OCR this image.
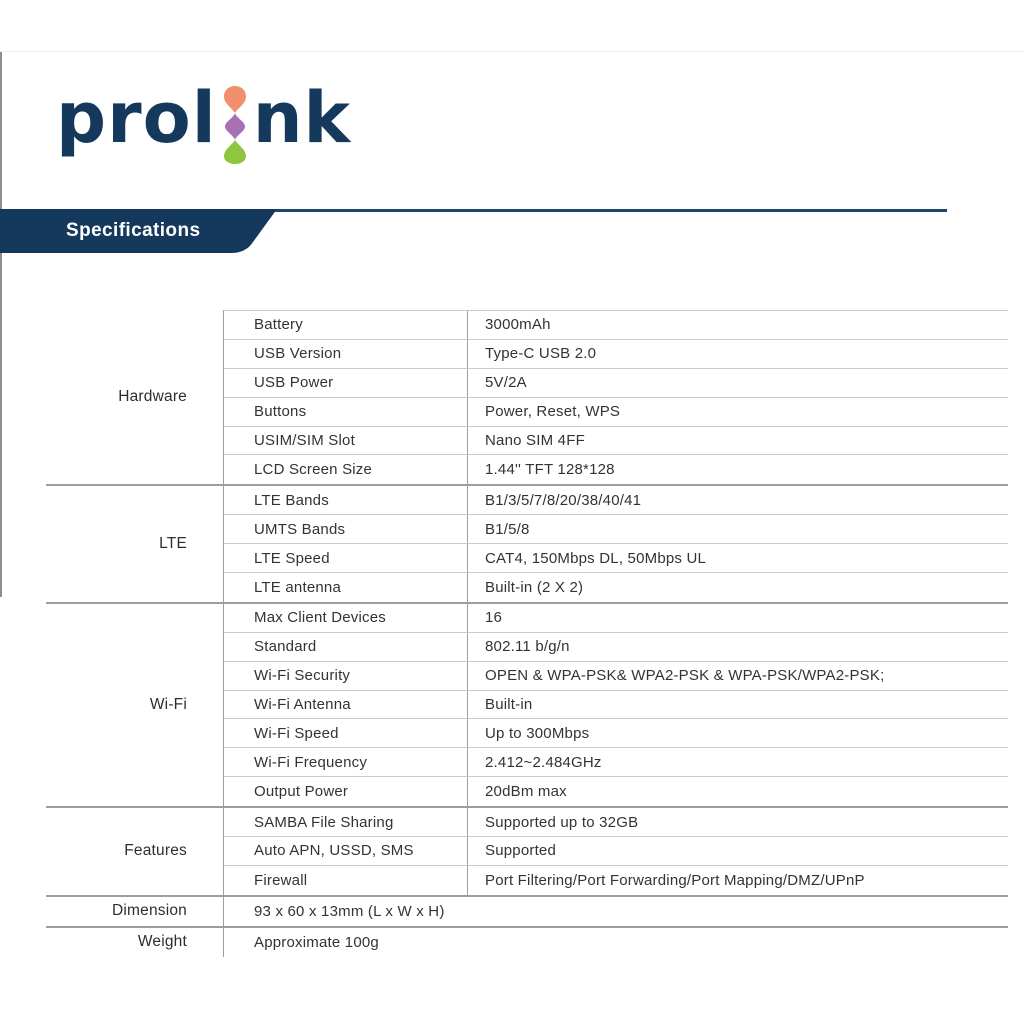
prol nk
Specifications
Hardware
Battery	3000mAh
USB Version	Type-C USB 2.0
USB Power	5V/2A
Buttons	Power, Reset, WPS
USIM/SIM Slot	Nano SIM 4FF
LCD Screen Size	1.44'' TFT 128*128
LTE
LTE Bands	B1/3/5/7/8/20/38/40/41
UMTS Bands	B1/5/8
LTE Speed	CAT4, 150Mbps DL, 50Mbps UL
LTE antenna	Built-in (2 X 2)
Wi-Fi
Max Client Devices	16
Standard	802.11 b/g/n
Wi-Fi Security	OPEN & WPA-PSK& WPA2-PSK & WPA-PSK/WPA2-PSK;
Wi-Fi Antenna	Built-in
Wi-Fi Speed	Up to 300Mbps
Wi-Fi Frequency	2.412~2.484GHz
Output Power	20dBm max
Features
SAMBA File Sharing	Supported up to 32GB
Auto APN, USSD, SMS	Supported
Firewall	Port Filtering/Port Forwarding/Port Mapping/DMZ/UPnP
Dimension	93 x 60 x 13mm (L x W x H)
Weight	Approximate 100g
